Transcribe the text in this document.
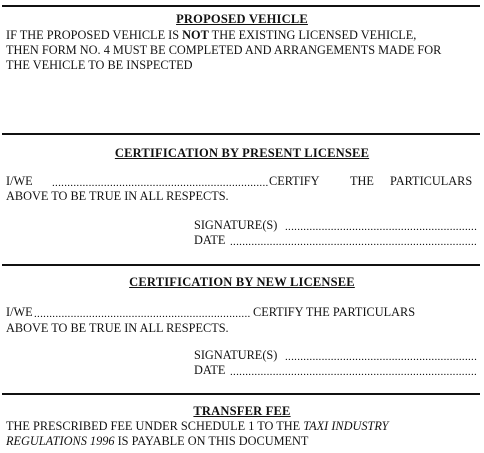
PROPOSED VEHICLE
IF THE PROPOSED VEHICLE IS NOT THE EXISTING LICENSED VEHICLE,
THEN FORM NO. 4 MUST BE COMPLETED AND ARRANGEMENTS MADE FOR
THE VEHICLE TO BE INSPECTED
CERTIFICATION BY PRESENT LICENSEE
I/WE .....	CERTIFY THE PARTICULARS
ABOVE TO BE TRUE IN ALL RESPECTS.
SIGNATURE(S)
.....
DATE
.....
CERTIFICATION BY NEW LICENSEE
I/WE .....	CERTIFY THE PARTICULARS
ABOVE TO BE TRUE IN ALL RESPECTS.
SIGNATURE(S)
.....
DATE
.....
TRANSFER FEE
THE PRESCRIBED FEE UNDER SCHEDULE 1 TO THE TAXI INDUSTRY
REGULATIONS 1996 IS PAYABLE ON THIS DOCUMENT
